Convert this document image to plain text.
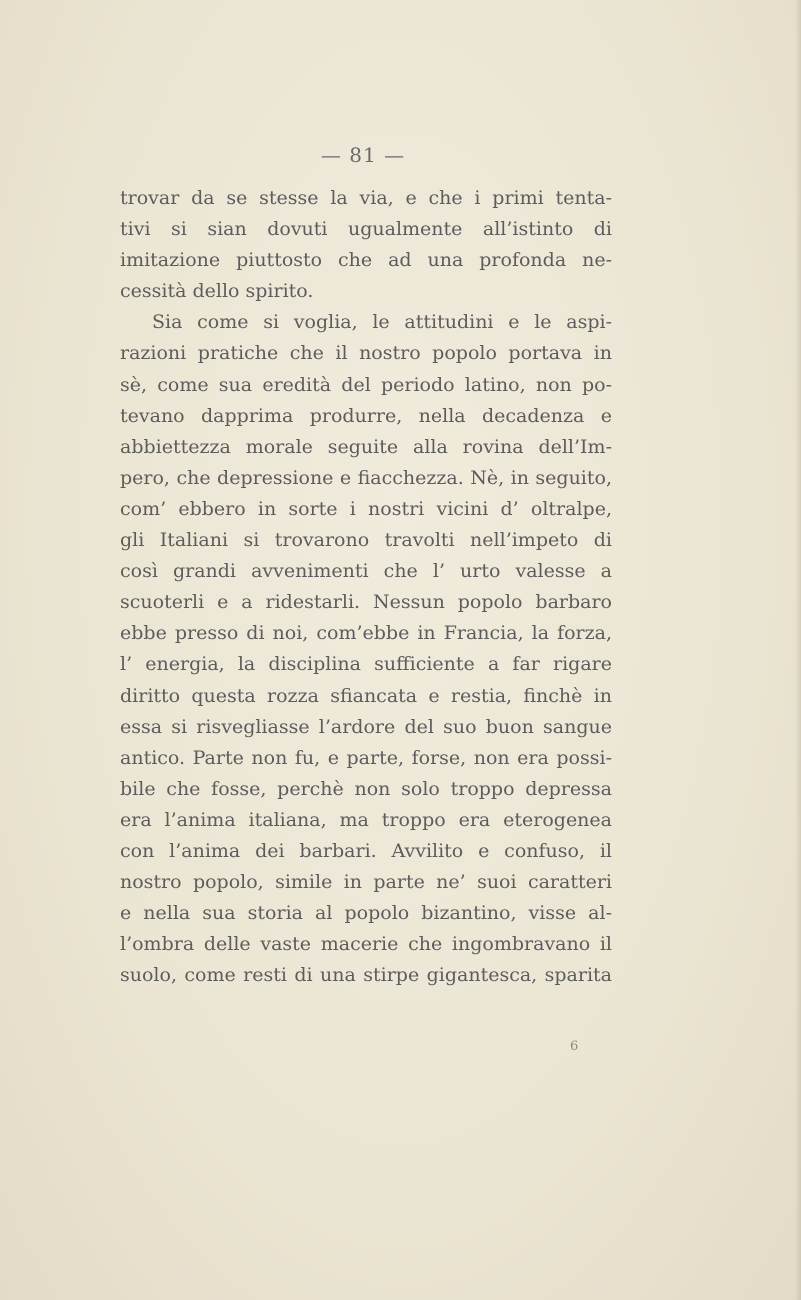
— 81 —
trovar da se stesse la via, e che i primi tenta-
tivi si sian dovuti ugualmente all’istinto di
imitazione piuttosto che ad una profonda ne-
cessità dello spirito.
Sia come si voglia, le attitudini e le aspi-
razioni pratiche che il nostro popolo portava in
sè, come sua eredità del periodo latino, non po-
tevano dapprima produrre, nella decadenza e
abbiettezza morale seguite alla rovina dell’Im-
pero, che depressione e fiacchezza. Nè, in seguito,
com’ ebbero in sorte i nostri vicini d’ oltralpe,
gli Italiani si trovarono travolti nell’impeto di
così grandi avvenimenti che l’ urto valesse a
scuoterli e a ridestarli. Nessun popolo barbaro
ebbe presso di noi, com’ebbe in Francia, la forza,
l’ energia, la disciplina sufficiente a far rigare
diritto questa rozza sfiancata e restia, finchè in
essa si risvegliasse l’ardore del suo buon sangue
antico. Parte non fu, e parte, forse, non era possi-
bile che fosse, perchè non solo troppo depressa
era l’anima italiana, ma troppo era eterogenea
con l’anima dei barbari. Avvilito e confuso, il
nostro popolo, simile in parte ne’ suoi caratteri
e nella sua storia al popolo bizantino, visse al-
l’ombra delle vaste macerie che ingombravano il
suolo, come resti di una stirpe gigantesca, sparita
6
